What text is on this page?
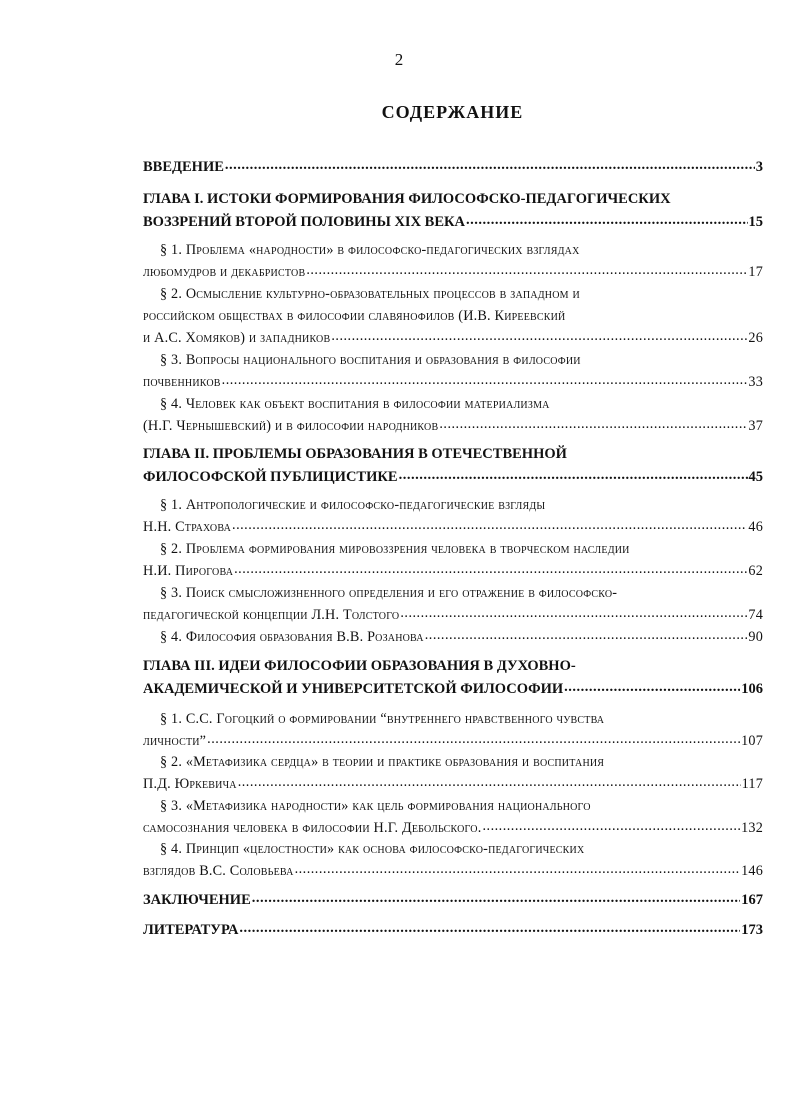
2
СОДЕРЖАНИЕ
ВВЕДЕНИЕ .....	3
ГЛАВА I. ИСТОКИ ФОРМИРОВАНИЯ ФИЛОСОФСКО-ПЕДАГОГИЧЕСКИХ
ВОЗЗРЕНИЙ ВТОРОЙ ПОЛОВИНЫ XIX ВЕКА .....	15
§ 1. Проблема «народности» в философско-педагогических взглядах
любомудров и декабристов .....	17
§ 2. Осмысление культурно-образовательных процессов в западном и
российском обществах в философии славянофилов (И.В. Киреевский
и А.С. Хомяков) и западников .....	26
§ 3. Вопросы национального воспитания и образования в философии
почвенников .....	33
§ 4. Человек как объект воспитания в философии материализма
(Н.Г. Чернышевский) и в философии народников .....	37
ГЛАВА II. ПРОБЛЕМЫ ОБРАЗОВАНИЯ В ОТЕЧЕСТВЕННОЙ
ФИЛОСОФСКОЙ ПУБЛИЦИСТИКЕ .....	45
§ 1. Антропологические и философско-педагогические взгляды
Н.Н. Страхова .....	46
§ 2. Проблема формирования мировоззрения человека в творческом наследии
Н.И. Пирогова .....	62
§ 3. Поиск смысложизненного определения и его отражение в философско-
педагогической концепции Л.Н. Толстого .....	74
§ 4. Философия образования В.В. Розанова .....	90
ГЛАВА III. ИДЕИ ФИЛОСОФИИ ОБРАЗОВАНИЯ В ДУХОВНО-
АКАДЕМИЧЕСКОЙ И УНИВЕРСИТЕТСКОЙ ФИЛОСОФИИ .....	106
§ 1. С.С. Гогоцкий о формировании “внутреннего нравственного чувства
личности” .....	107
§ 2. «Метафизика сердца» в теории и практике образования и воспитания
П.Д. Юркевича .....	117
§ 3. «Метафизика народности» как цель формирования национального
самосознания человека в философии Н.Г. Дебольского. .....	132
§ 4. Принцип «целостности» как основа философско-педагогических
взглядов В.С. Соловьева .....	146
ЗАКЛЮЧЕНИЕ .....	167
ЛИТЕРАТУРА .....	173
